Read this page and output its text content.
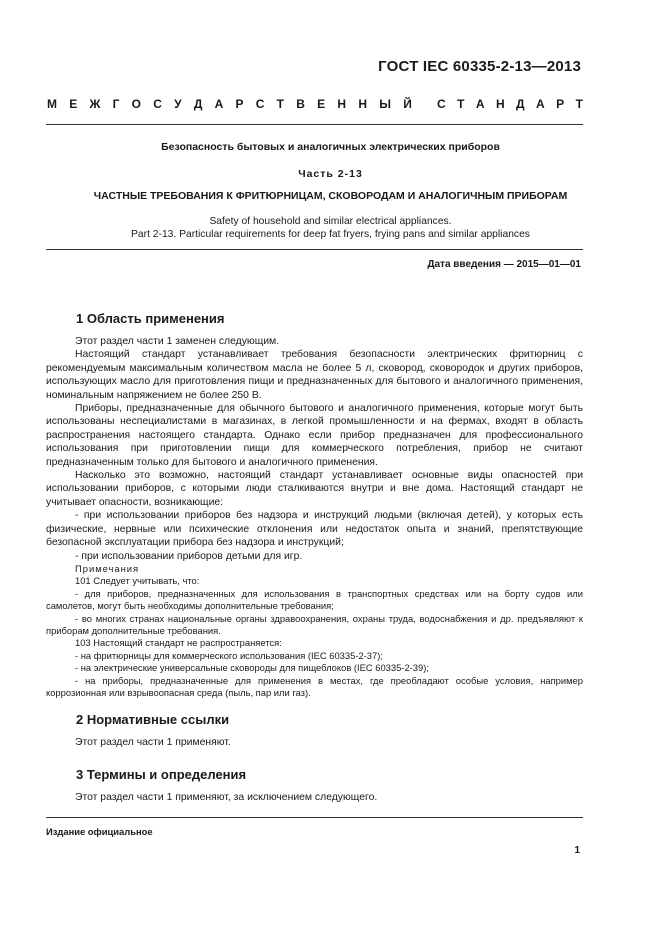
ГОСТ IEC 60335-2-13—2013
М Е Ж Г О С У Д А Р С Т В Е Н Н Ы Й С Т А Н Д А Р Т
Безопасность бытовых и аналогичных электрических приборов
Часть 2-13
ЧАСТНЫЕ ТРЕБОВАНИЯ К ФРИТЮРНИЦАМ, СКОВОРОДАМ И АНАЛОГИЧНЫМ ПРИБОРАМ
Safety of household and similar electrical appliances.
Part 2-13. Particular requirements for deep fat fryers, frying pans and similar appliances
Дата введения — 2015—01—01
1 Область применения

Этот раздел части 1 заменен следующим.

Настоящий стандарт устанавливает требования безопасности электрических фритюрниц с рекомендуемым максимальным количеством масла не более 5 л, сковород, сковородок и других приборов, использующих масло для приготовления пищи и предназначенных для бытового и аналогичного применения, номинальным напряжением не более 250 В.

Приборы, предназначенные для обычного бытового и аналогичного применения, которые могут быть использованы неспециалистами в магазинах, в легкой промышленности и на фермах, входят в область распространения настоящего стандарта. Однако если прибор предназначен для профессионального использования при приготовлении пищи для коммерческого потребления, прибор не считают предназначенным только для бытового и аналогичного применения.

Насколько это возможно, настоящий стандарт устанавливает основные виды опасностей при использовании приборов, с которыми люди сталкиваются внутри и вне дома. Настоящий стандарт не учитывает опасности, возникающие:

- при использовании приборов без надзора и инструкций людьми (включая детей), у которых есть физические, нервные или психические отклонения или недостаток опыта и знаний, препятствующие безопасной эксплуатации прибора без надзора и инструкций;

- при использовании приборов детьми для игр.

Примечания

101 Следует учитывать, что:

- для приборов, предназначенных для использования в транспортных средствах или на борту судов или самолетов, могут быть необходимы дополнительные требования;

- во многих странах национальные органы здравоохранения, охраны труда, водоснабжения и др. предъявляют к приборам дополнительные требования.

103 Настоящий стандарт не распространяется:

- на фритюрницы для коммерческого использования (IEC 60335-2-37);

- на электрические универсальные сковороды для пищеблоков (IEC 60335-2-39);

- на приборы, предназначенные для применения в местах, где преобладают особые условия, например коррозионная или взрывоопасная среда (пыль, пар или газ).

2 Нормативные ссылки
Этот раздел части 1 применяют.
3 Термины и определения
Этот раздел части 1 применяют, за исключением следующего.
Издание официальное
1
